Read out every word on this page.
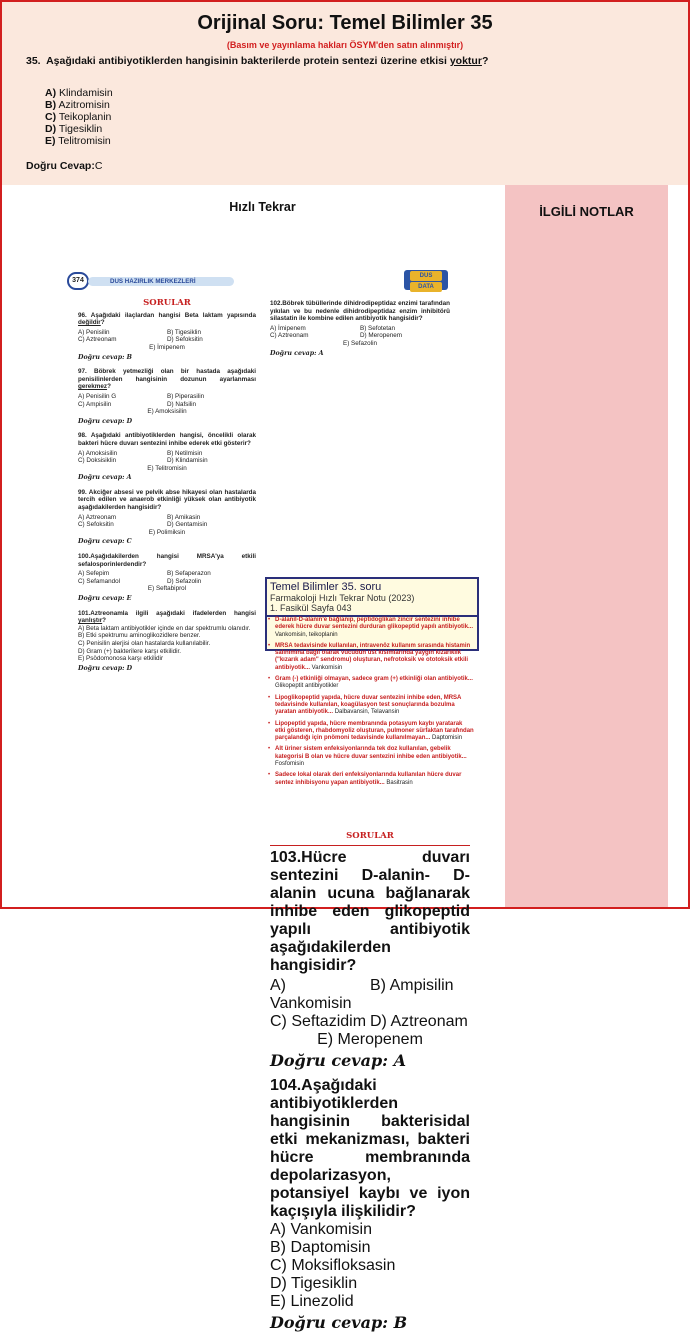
Orijinal Soru: Temel Bilimler 35
(Basım ve yayınlama hakları ÖSYM'den satın alınmıştır)
35. Aşağıdaki antibiyotiklerden hangisinin bakterilerde protein sentezi üzerine etkisi yoktur?
A) Klindamisin
B) Azitromisin
C) Teikoplanin
D) Tigesiklin
E) Telitromisin
Doğru Cevap:C
Hızlı Tekrar
374	DUS HAZIRLIK MERKEZLERİ
DUS
DATA
SORULAR
96. Aşağıdaki ilaçlardan hangisi Beta laktam yapısında değildir?
A) Penisilin	B) Tigesiklin
C) Aztreonam	D) Sefoksitin
E) İmipenem
Doğru cevap: B
97. Böbrek yetmezliği olan bir hastada aşağıdaki penisilinlerden hangisinin dozunun ayarlanması gerekmez?
A) Penisilin G	B) Piperasilin
C) Ampisilin	D) Nafsilin
E) Amoksisilin
Doğru cevap: D
98. Aşağıdaki antibiyotiklerden hangisi, öncelikli olarak bakteri hücre duvarı sentezini inhibe ederek etki gösterir?
A) Amoksisilin	B) Netilmisin
C) Doksisiklin	D) Klindamisin
E) Telitromisin
Doğru cevap: A
99. Akciğer absesi ve pelvik abse hikayesi olan hastalarda tercih edilen ve anaerob etkinliği yüksek olan antibiyotik aşağıdakilerden hangisidir?
A) Aztreonam	B) Amikasin
C) Sefoksitin	D) Gentamisin
E) Polimiksin
Doğru cevap: C
100.Aşağıdakilerden hangisi MRSA'ya etkili sefalosporinlerdendir?
A) Sefepim	B) Sefaperazon
C) Sefamandol	D) Sefazolin
E) Seftabiprol
Doğru cevap: E
101.Aztreonamla ilgili aşağıdaki ifadelerden hangisi yanlıştır?
A) Beta laktam antibiyotikler içinde en dar spektrumlu olanıdır.
B) Etki spektrumu aminoglikozidlere benzer.
C) Penisilin alerjisi olan hastalarda kullanılabilir.
D) Gram (+) bakterilere karşı etkilidir.
E) Psödomonosa karşı etkilidir
Doğru cevap: D
102.Böbrek tübüllerinde dihidrodipeptidaz enzimi tarafından yıkılan ve bu nedenle dihidrodipeptidaz enzim inhibitörü silastatin ile kombine edilen antibiyotik hangisidir?
A) İmipenem	B) Sefotetan
C) Aztreonam	D) Meropenem
E) Sefazolin
Doğru cevap: A
Temel Bilimler 35. soru
Farmakoloji Hızlı Tekrar Notu (2023)
1. Fasikül Sayfa 043
• D-alanil-D-alanin'e bağlanıp, peptidoglikan zincir sentezini inhibe ederek hücre duvar sentezini durduran glikopeptid yapılı antibiyotik... Vankomisin, teikoplanin
• MRSA tedavisinde kullanılan, intravenöz kullanım sırasında histamin salınımına bağlı olarak vücudun üst kısımlarında yaygın kızarıklık ("kızarık adam" sendromu) oluşturan, nefrotoksik ve ototoksik etkili antibiyotik... Vankomisin
• Gram (-) etkinliği olmayan, sadece gram (+) etkinliği olan antibiyotik... Glikopeptit antibiyotikler
• Lipoglikopeptid yapıda, hücre duvar sentezini inhibe eden, MRSA tedavisinde kullanılan, koagülasyon test sonuçlarında bozulma yaratan antibiyotik... Dalbavansin, Telavansin
• Lipopeptid yapıda, hücre membranında potasyum kaybı yaratarak etki gösteren, rhabdomyoliz oluşturan, pulmoner sürfaktan tarafından parçalandığı için pnömoni tedavisinde kullanılmayan... Daptomisin
• Alt üriner sistem enfeksiyonlarında tek doz kullanılan, gebelik kategorisi B olan ve hücre duvar sentezini inhibe eden antibiyotik... Fosfomisin
• Sadece lokal olarak deri enfeksiyonlarında kullanılan hücre duvar sentez inhibisyonu yapan antibiyotik... Basitrasin
SORULAR
103.Hücre duvarı sentezini D-alanin- D-alanin ucuna bağlanarak inhibe eden glikopeptid yapılı antibiyotik aşağıdakilerden hangisidir?
A) Vankomisin
B) Ampisilin
C) Seftazidim D) Aztreonam
E) Meropenem
Doğru cevap: A
104.Aşağıdaki antibiyotiklerden hangisinin bakterisidal etki mekanizması, bakteri hücre membranında depolarizasyon, potansiyel kaybı ve iyon kaçışıyla ilişkilidir?
A) Vankomisin
B) Daptomisin
C) Moksifloksasin
D) Tigesiklin
E) Linezolid
Doğru cevap: B
İLGİLİ NOTLAR
